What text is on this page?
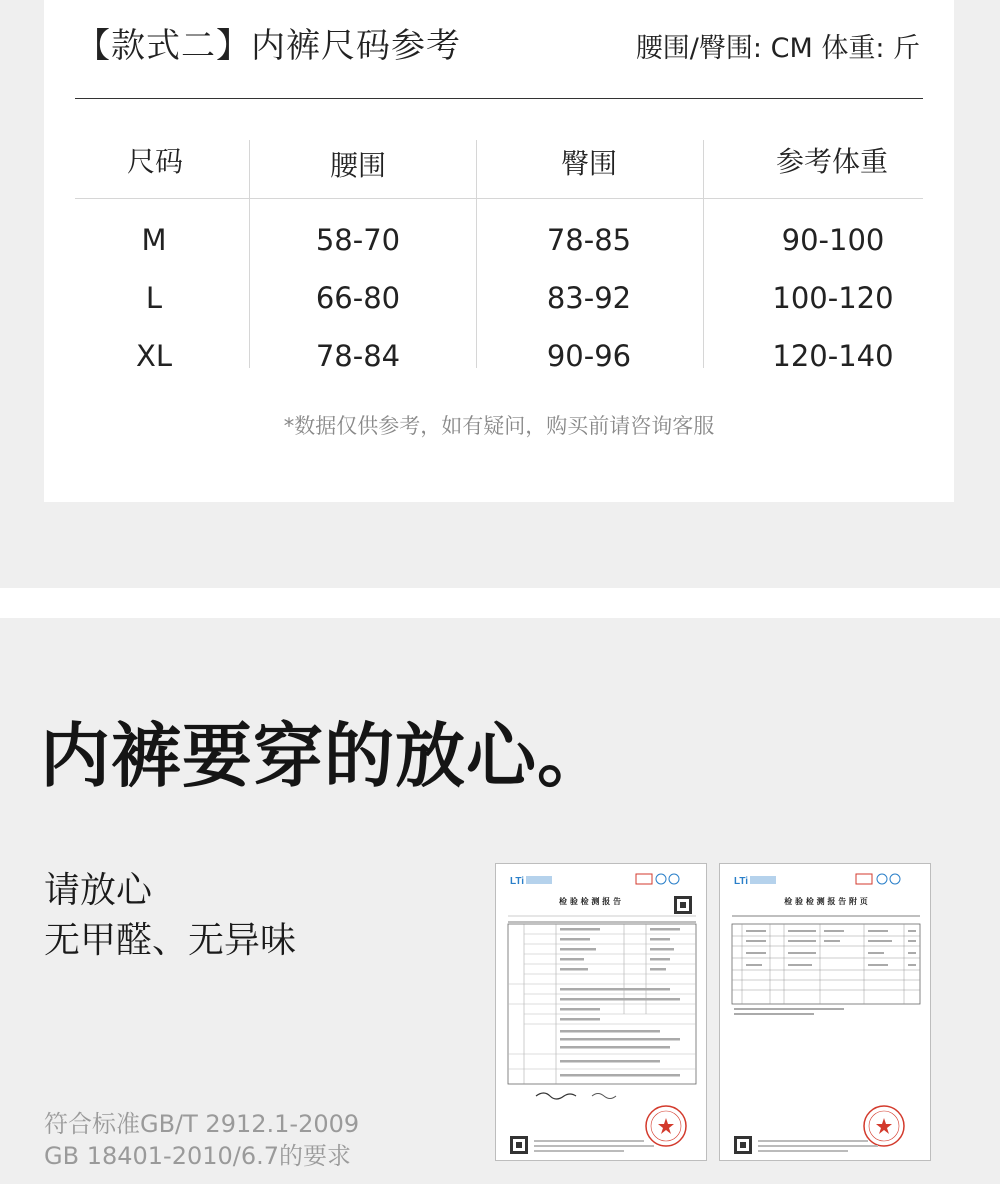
【款式二】内裤尺码参考	腰围/臀围: CM 体重: 斤
尺码	腰围	臀围	参考体重
M	58-70	78-85	90-100
L	66-80	83-92	100-120
XL	78-84	90-96	120-140
*数据仅供参考，如有疑问，购买前请咨询客服
内裤要穿的放心。
请放心
无甲醛、无异味
符合标准GB/T 2912.1-2009
GB 18401-2010/6.7的要求
LTi
检 验 检 测 报 告
LTi
检 验 检 测 报 告 附 页
